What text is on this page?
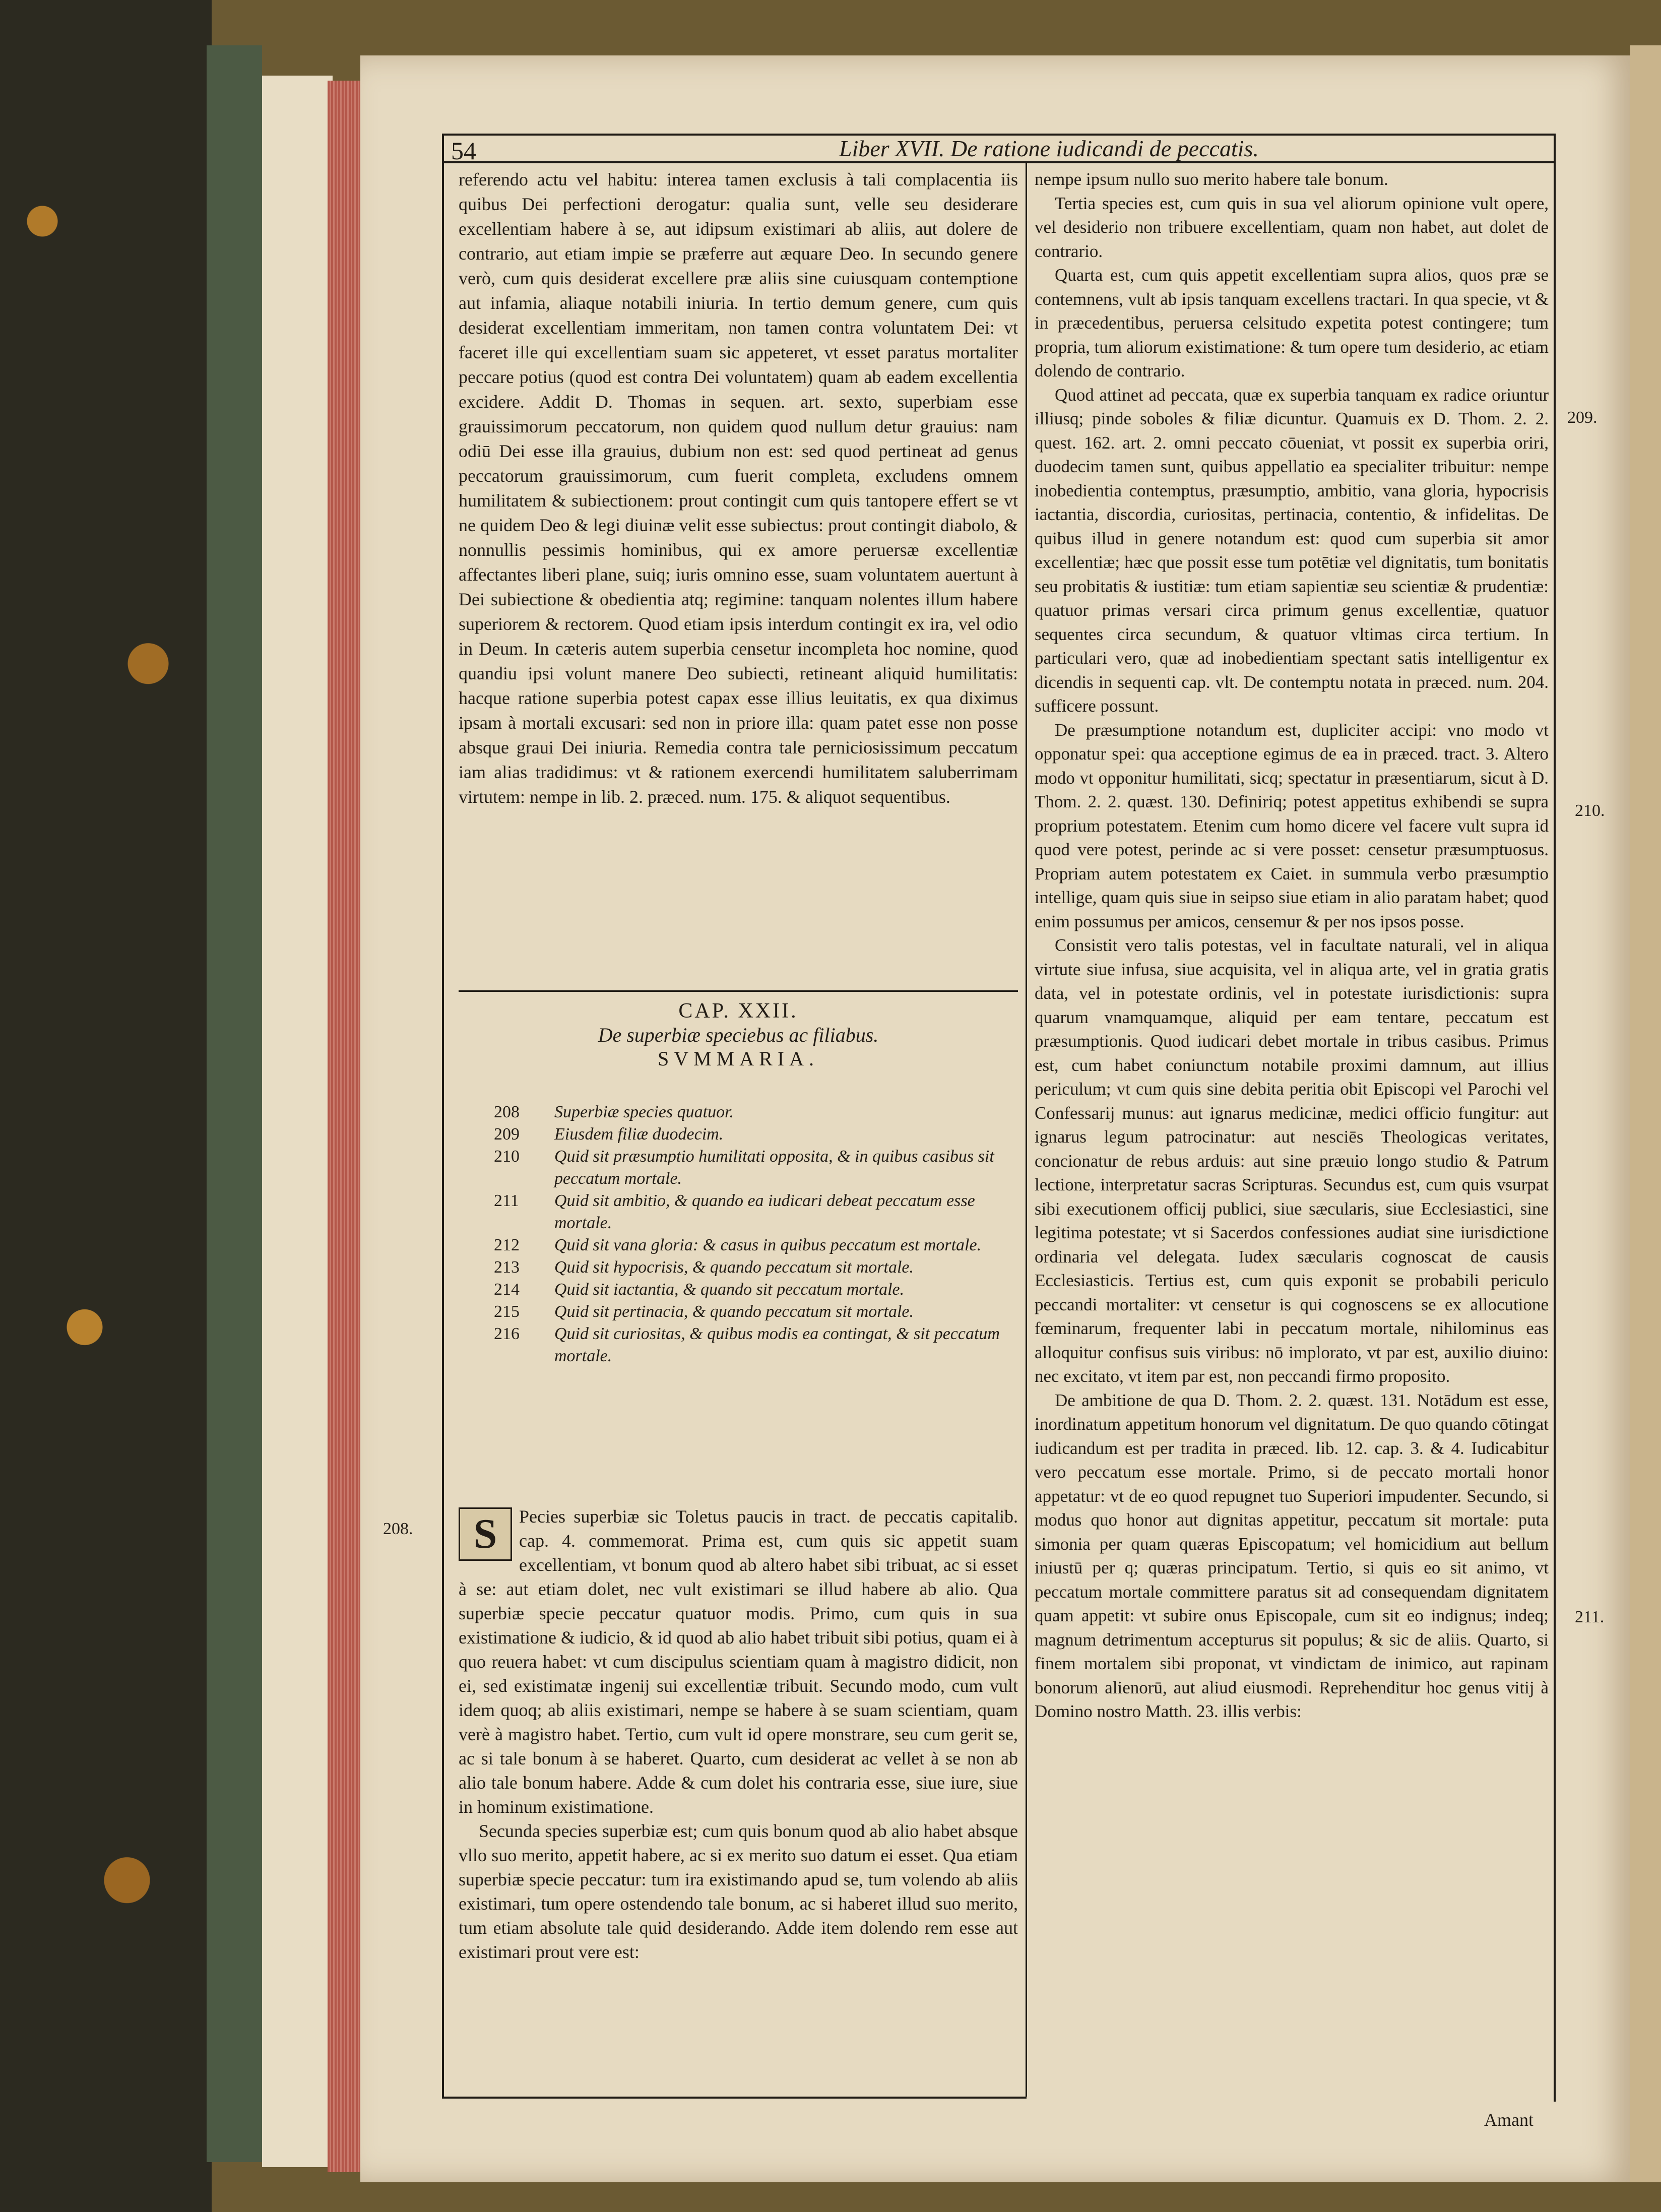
54	Liber XVII. De ratione iudicandi de peccatis.

referendo actu vel habitu: interea tamen exclusis à tali complacentia iis quibus Dei perfectioni derogatur: qualia sunt, velle seu desiderare excellentiam habere à se, aut idipsum existimari ab aliis, aut dolere de contrario, aut etiam impie se præferre aut æquare Deo. In secundo genere verò, cum quis desiderat excellere præ aliis sine cuiusquam contemptione aut infamia, aliaque notabili iniuria. In tertio demum genere, cum quis desiderat excellentiam immeritam, non tamen contra voluntatem Dei: vt faceret ille qui excellentiam suam sic appeteret, vt esset paratus mortaliter peccare potius (quod est contra Dei voluntatem) quam ab eadem excellentia excidere. Addit D. Thomas in sequen. art. sexto, superbiam esse grauissimorum peccatorum, non quidem quod nullum detur grauius: nam odiū Dei esse illa grauius, dubium non est: sed quod pertineat ad genus peccatorum grauissimorum, cum fuerit completa, excludens omnem humilitatem & subiectionem: prout contingit cum quis tantopere effert se vt ne quidem Deo & legi diuinæ velit esse subiectus: prout contingit diabolo, & nonnullis pessimis hominibus, qui ex amore peruersæ excellentiæ affectantes liberi plane, suiq; iuris omnino esse, suam voluntatem auertunt à Dei subiectione & obedientia atq; regimine: tanquam nolentes illum habere superiorem & rectorem. Quod etiam ipsis interdum contingit ex ira, vel odio in Deum. In cæteris autem superbia censetur incompleta hoc nomine, quod quandiu ipsi volunt manere Deo subiecti, retineant aliquid humilitatis: hacque ratione superbia potest capax esse illius leuitatis, ex qua diximus ipsam à mortali excusari: sed non in priore illa: quam patet esse non posse absque graui Dei iniuria. Remedia contra tale perniciosissimum peccatum iam alias tradidimus: vt & rationem exercendi humilitatem saluberrimam virtutem: nempe in lib. 2. præced. num. 175. & aliquot sequentibus.

CAP. XXII.
De superbiæ speciebus ac filiabus.
SVMMARIA.
208	Superbiæ species quatuor.
209	Eiusdem filiæ duodecim.
210	Quid sit præsumptio humilitati opposita, & in quibus casibus sit peccatum mortale.
211	Quid sit ambitio, & quando ea iudicari debeat peccatum esse mortale.
212	Quid sit vana gloria: & casus in quibus peccatum est mortale.
213	Quid sit hypocrisis, & quando peccatum sit mortale.
214	Quid sit iactantia, & quando sit peccatum mortale.
215	Quid sit pertinacia, & quando peccatum sit mortale.
216	Quid sit curiositas, & quibus modis ea contingat, & sit peccatum mortale.
208.	S	Pecies superbiæ sic Toletus paucis in tract. de peccatis capitalib. cap. 4. commemorat. Prima est, cum quis sic appetit suam excellentiam, vt bonum quod ab altero habet sibi tribuat, ac si esset à se: aut etiam dolet, nec vult existimari se illud habere ab alio. Qua superbiæ specie peccatur quatuor modis. Primo, cum quis in sua existimatione & iudicio, & id quod ab alio habet tribuit sibi potius, quam ei à quo reuera habet: vt cum discipulus scientiam quam à magistro didicit, non ei, sed existimatæ ingenij sui excellentiæ tribuit. Secundo modo, cum vult idem quoq; ab aliis existimari, nempe se habere à se suam scientiam, quam verè à magistro habet. Tertio, cum vult id opere monstrare, seu cum gerit se, ac si tale bonum à se haberet. Quarto, cum desiderat ac vellet à se non ab alio tale bonum habere. Adde & cum dolet his contraria esse, siue iure, siue in hominum existimatione.

Secunda species superbiæ est; cum quis bonum quod ab alio habet absque vllo suo merito, appetit habere, ac si ex merito suo datum ei esset. Qua etiam superbiæ specie peccatur: tum ira existimando apud se, tum volendo ab aliis existimari, tum opere ostendendo tale bonum, ac si haberet illud suo merito, tum etiam absolute tale quid desiderando. Adde item dolendo rem esse aut existimari prout vere est:

nempe ipsum nullo suo merito habere tale bonum.

Tertia species est, cum quis in sua vel aliorum opinione vult opere, vel desiderio non tribuere excellentiam, quam non habet, aut dolet de contrario.

Quarta est, cum quis appetit excellentiam supra alios, quos præ se contemnens, vult ab ipsis tanquam excellens tractari. In qua specie, vt & in præcedentibus, peruersa celsitudo expetita potest contingere; tum propria, tum aliorum existimatione: & tum opere tum desiderio, ac etiam dolendo de contrario.

Quod attinet ad peccata, quæ ex superbia tanquam ex radice oriuntur illiusq; pinde soboles & filiæ dicuntur. Quamuis ex D. Thom. 2. 2. quest. 162. art. 2. omni peccato cōueniat, vt possit ex superbia oriri, duodecim tamen sunt, quibus appellatio ea specialiter tribuitur: nempe inobedientia contemptus, præsumptio, ambitio, vana gloria, hypocrisis iactantia, discordia, curiositas, pertinacia, contentio, & infidelitas. De quibus illud in genere notandum est: quod cum superbia sit amor excellentiæ; hæc que possit esse tum potētiæ vel dignitatis, tum bonitatis seu probitatis & iustitiæ: tum etiam sapientiæ seu scientiæ & prudentiæ: quatuor primas versari circa primum genus excellentiæ, quatuor sequentes circa secundum, & quatuor vltimas circa tertium. In particulari vero, quæ ad inobedientiam spectant satis intelligentur ex dicendis in sequenti cap. vlt. De contemptu notata in præced. num. 204. sufficere possunt.

De præsumptione notandum est, dupliciter accipi: vno modo vt opponatur spei: qua acceptione egimus de ea in præced. tract. 3. Altero modo vt opponitur humilitati, sicq; spectatur in præsentiarum, sicut à D. Thom. 2. 2. quæst. 130. Definiriq; potest appetitus exhibendi se supra proprium potestatem. Etenim cum homo dicere vel facere vult supra id quod vere potest, perinde ac si vere posset: censetur præsumptuosus. Propriam autem potestatem ex Caiet. in summula verbo præsumptio intellige, quam quis siue in seipso siue etiam in alio paratam habet; quod enim possumus per amicos, censemur & per nos ipsos posse.

Consistit vero talis potestas, vel in facultate naturali, vel in aliqua virtute siue infusa, siue acquisita, vel in aliqua arte, vel in gratia gratis data, vel in potestate ordinis, vel in potestate iurisdictionis: supra quarum vnamquamque, aliquid per eam tentare, peccatum est præsumptionis. Quod iudicari debet mortale in tribus casibus. Primus est, cum habet coniunctum notabile proximi damnum, aut illius periculum; vt cum quis sine debita peritia obit Episcopi vel Parochi vel Confessarij munus: aut ignarus medicinæ, medici officio fungitur: aut ignarus legum patrocinatur: aut nesciēs Theologicas veritates, concionatur de rebus arduis: aut sine præuio longo studio & Patrum lectione, interpretatur sacras Scripturas. Secundus est, cum quis vsurpat sibi executionem officij publici, siue sæcularis, siue Ecclesiastici, sine legitima potestate; vt si Sacerdos confessiones audiat sine iurisdictione ordinaria vel delegata. Iudex sæcularis cognoscat de causis Ecclesiasticis. Tertius est, cum quis exponit se probabili periculo peccandi mortaliter: vt censetur is qui cognoscens se ex allocutione fœminarum, frequenter labi in peccatum mortale, nihilominus eas alloquitur confisus suis viribus: nō implorato, vt par est, auxilio diuino: nec excitato, vt item par est, non peccandi firmo proposito.

De ambitione de qua D. Thom. 2. 2. quæst. 131. Notādum est esse, inordinatum appetitum honorum vel dignitatum. De quo quando cōtingat iudicandum est per tradita in præced. lib. 12. cap. 3. & 4. Iudicabitur vero peccatum esse mortale. Primo, si de peccato mortali honor appetatur: vt de eo quod repugnet tuo Superiori impudenter. Secundo, si modus quo honor aut dignitas appetitur, peccatum sit mortale: puta simonia per quam quæras Episcopatum; vel homicidium aut bellum iniustū per q; quæras principatum. Tertio, si quis eo sit animo, vt peccatum mortale committere paratus sit ad consequendam dignitatem quam appetit: vt subire onus Episcopale, cum sit eo indignus; indeq; magnum detrimentum accepturus sit populus; & sic de aliis. Quarto, si finem mortalem sibi proponat, vt vindictam de inimico, aut rapinam bonorum alienorū, aut aliud eiusmodi. Reprehenditur hoc genus vitij à Domino nostro Matth. 23. illis verbis:

209.
210.
211.
Amant
